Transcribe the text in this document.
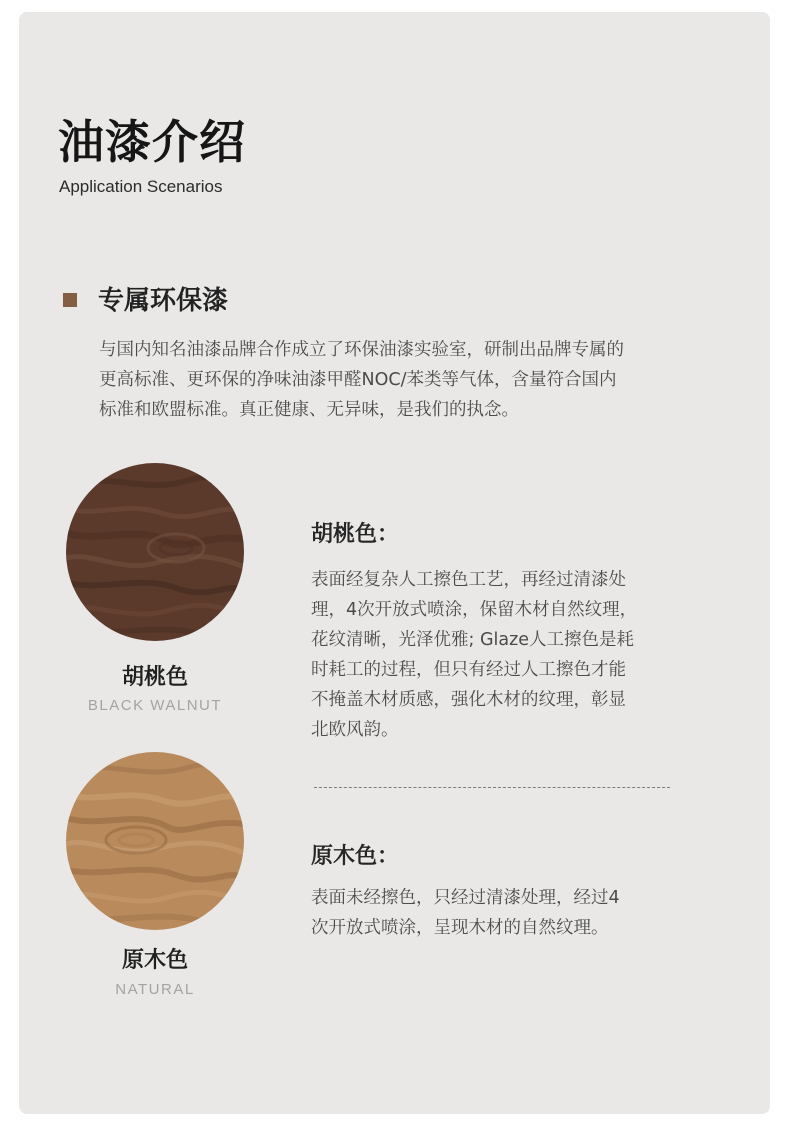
油漆介绍
Application Scenarios
专属环保漆
与国内知名油漆品牌合作成立了环保油漆实验室，研制出品牌专属的
更高标准、更环保的净味油漆甲醛NOC/苯类等气体，含量符合国内
标准和欧盟标准。真正健康、无异味，是我们的执念。
胡桃色
BLACK WALNUT
胡桃色：
表面经复杂人工擦色工艺，再经过清漆处
理，4次开放式喷涂，保留木材自然纹理，
花纹清晰，光泽优雅; Glaze人工擦色是耗
时耗工的过程，但只有经过人工擦色才能
不掩盖木材质感，强化木材的纹理，彰显
北欧风韵。
原木色
NATURAL
原木色：
表面未经擦色，只经过清漆处理，经过4
次开放式喷涂，呈现木材的自然纹理。
